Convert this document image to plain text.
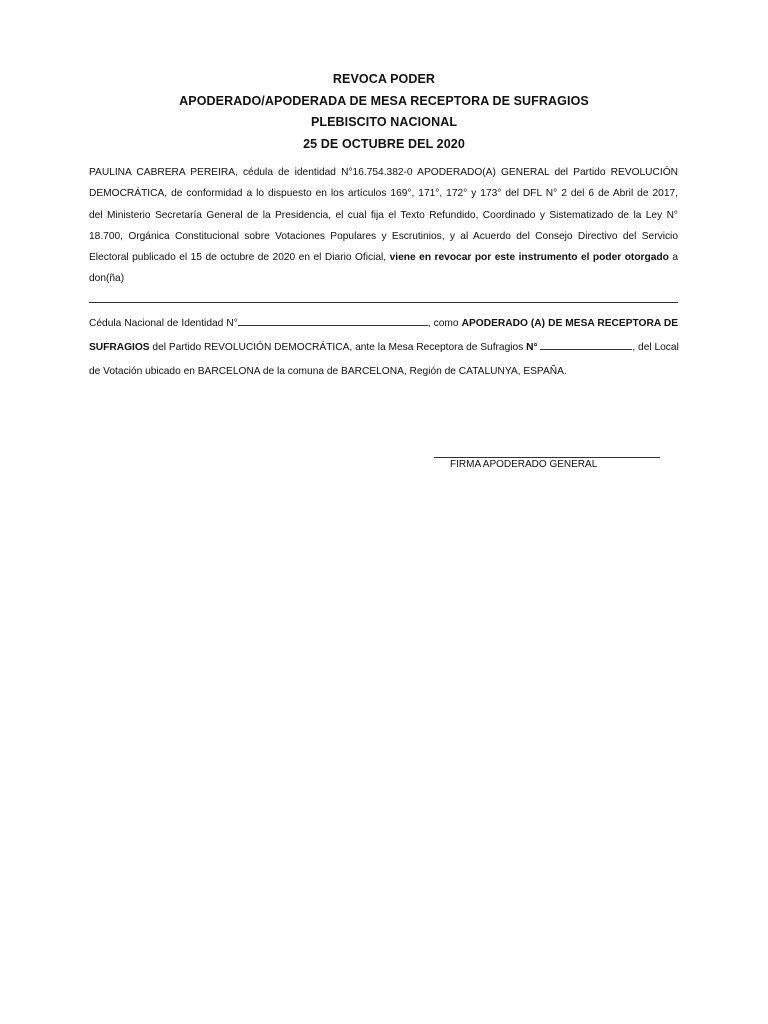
REVOCA PODER
APODERADO/APODERADA DE MESA RECEPTORA DE SUFRAGIOS
PLEBISCITO NACIONAL
25 DE OCTUBRE DEL 2020
PAULINA CABRERA PEREIRA, cédula de identidad N°16.754.382-0 APODERADO(A) GENERAL del Partido REVOLUCIÓN
DEMOCRÁTICA, de conformidad a lo dispuesto en los artículos 169°, 171°, 172° y 173° del DFL N° 2 del 6 de Abril de 2017,
del Ministerio Secretaría General de la Presidencia, el cual fija el Texto Refundido, Coordinado y Sistematizado de la Ley N°
18.700, Orgánica Constitucional sobre Votaciones Populares y Escrutinios, y al Acuerdo del Consejo Directivo del Servicio
Electoral publicado el 15 de octubre de 2020 en el Diario Oficial, viene en revocar por este instrumento el poder otorgado a
don(ña)
Cédula Nacional de Identidad N°	, como APODERADO (A) DE MESA RECEPTORA DE
SUFRAGIOS del Partido REVOLUCIÓN DEMOCRÁTICA, ante la Mesa Receptora de Sufragios N°	, del Local
de Votación ubicado en BARCELONA de la comuna de BARCELONA, Región de CATALUNYA, ESPAÑA.
FIRMA APODERADO GENERAL
